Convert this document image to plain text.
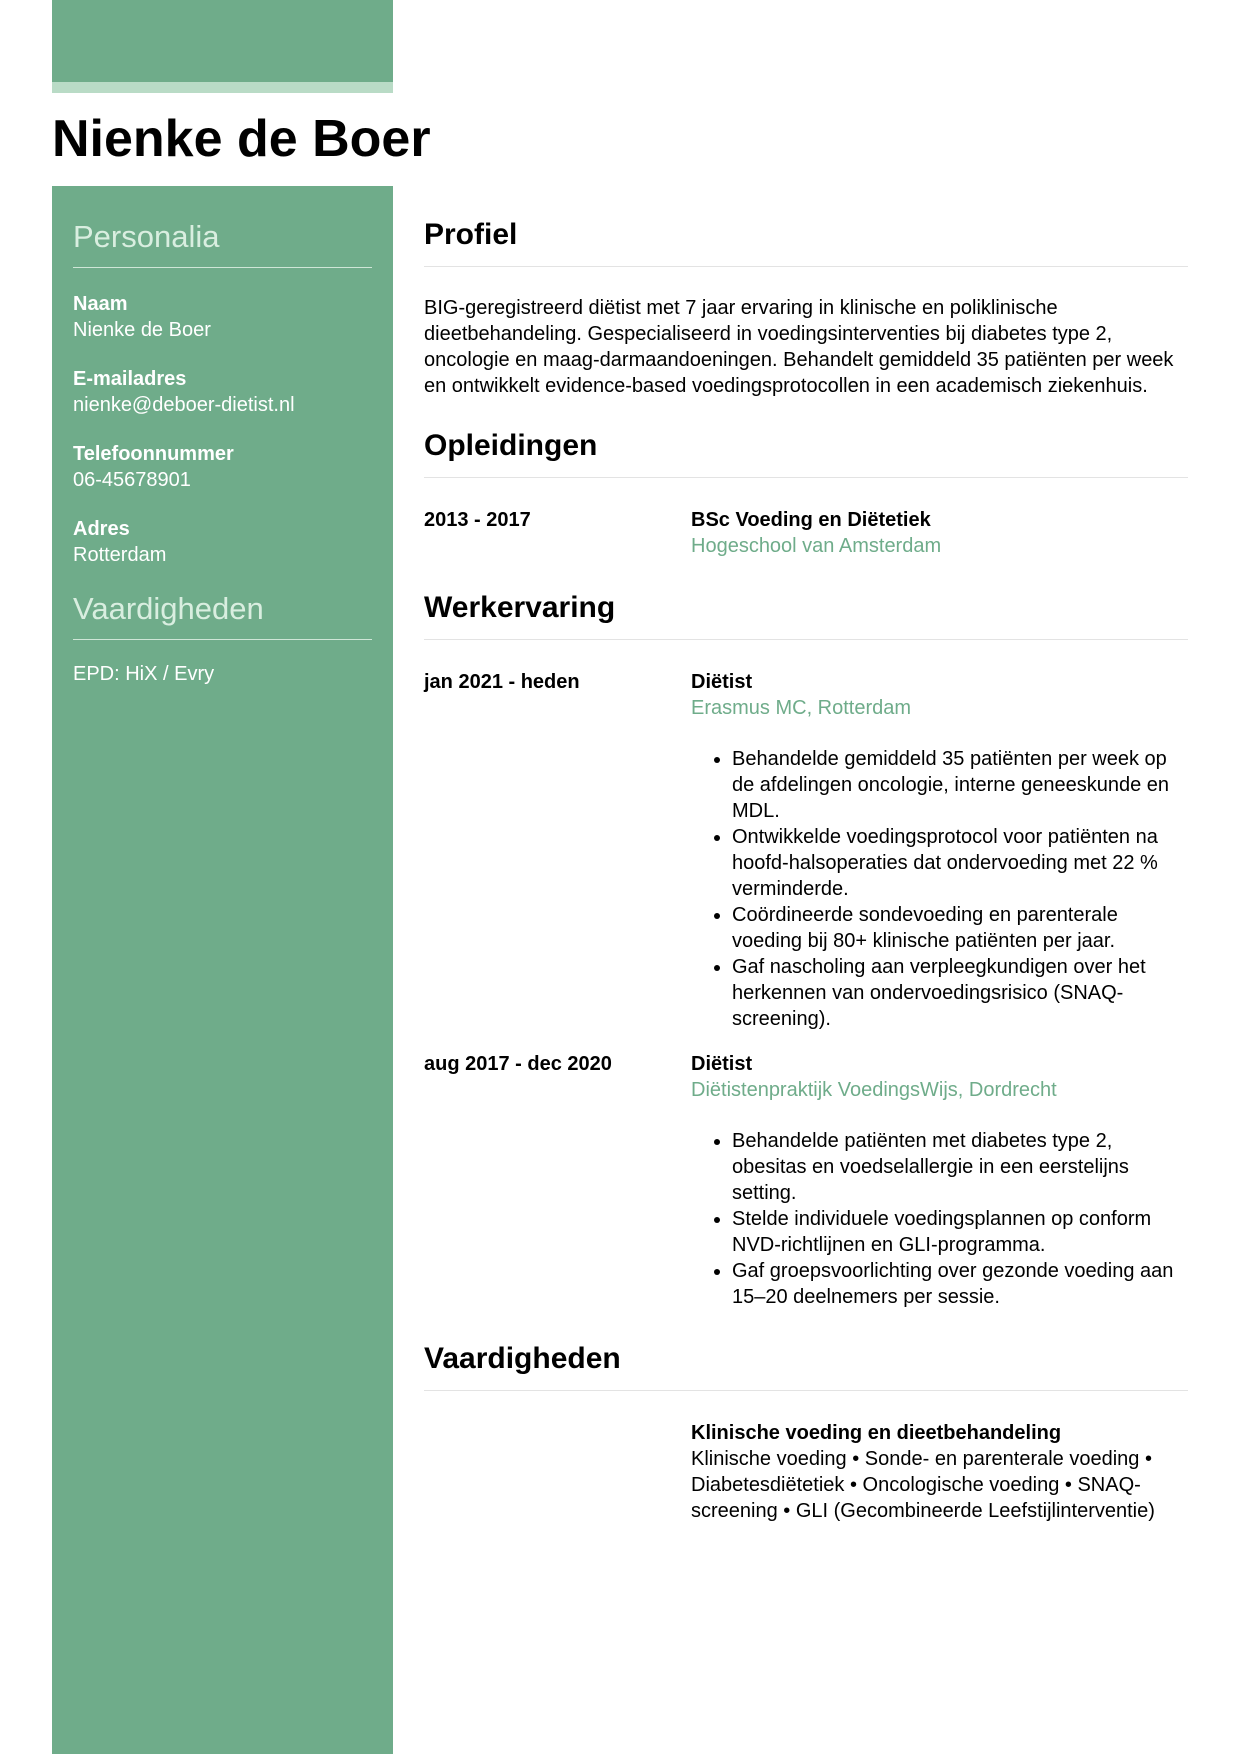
Nienke de Boer
Personalia
Naam
Nienke de Boer
E-mailadres
nienke@deboer-dietist.nl
Telefoonnummer
06-45678901
Adres
Rotterdam
Vaardigheden
EPD: HiX / Evry
Profiel
BIG-geregistreerd diëtist met 7 jaar ervaring in klinische en poliklinische dieetbehandeling. Gespecialiseerd in voedingsinterventies bij diabetes type 2, oncologie en maag-darmaandoeningen. Behandelt gemiddeld 35 patiënten per week en ontwikkelt evidence-based voedingsprotocollen in een academisch ziekenhuis.
Opleidingen
2013 - 2017	BSc Voeding en Diëtetiek
Hogeschool van Amsterdam
Werkervaring
jan 2021 - heden	Diëtist
Erasmus MC, Rotterdam
• Behandelde gemiddeld 35 patiënten per week op de afdelingen oncologie, interne geneeskunde en MDL.
• Ontwikkelde voedingsprotocol voor patiënten na hoofd-halsoperaties dat ondervoeding met 22 % verminderde.
• Coördineerde sondevoeding en parenterale voeding bij 80+ klinische patiënten per jaar.
• Gaf nascholing aan verpleegkundigen over het herkennen van ondervoedingsrisico (SNAQ-screening).
aug 2017 - dec 2020	Diëtist
Diëtistenpraktijk VoedingsWijs, Dordrecht
• Behandelde patiënten met diabetes type 2, obesitas en voedselallergie in een eerstelijns setting.
• Stelde individuele voedingsplannen op conform NVD-richtlijnen en GLI-programma.
• Gaf groepsvoorlichting over gezonde voeding aan 15–20 deelnemers per sessie.
Vaardigheden
Klinische voeding en dieetbehandeling
Klinische voeding • Sonde- en parenterale voeding • Diabetesdiëtetiek • Oncologische voeding • SNAQ-screening • GLI (Gecombineerde Leefstijlinterventie)
